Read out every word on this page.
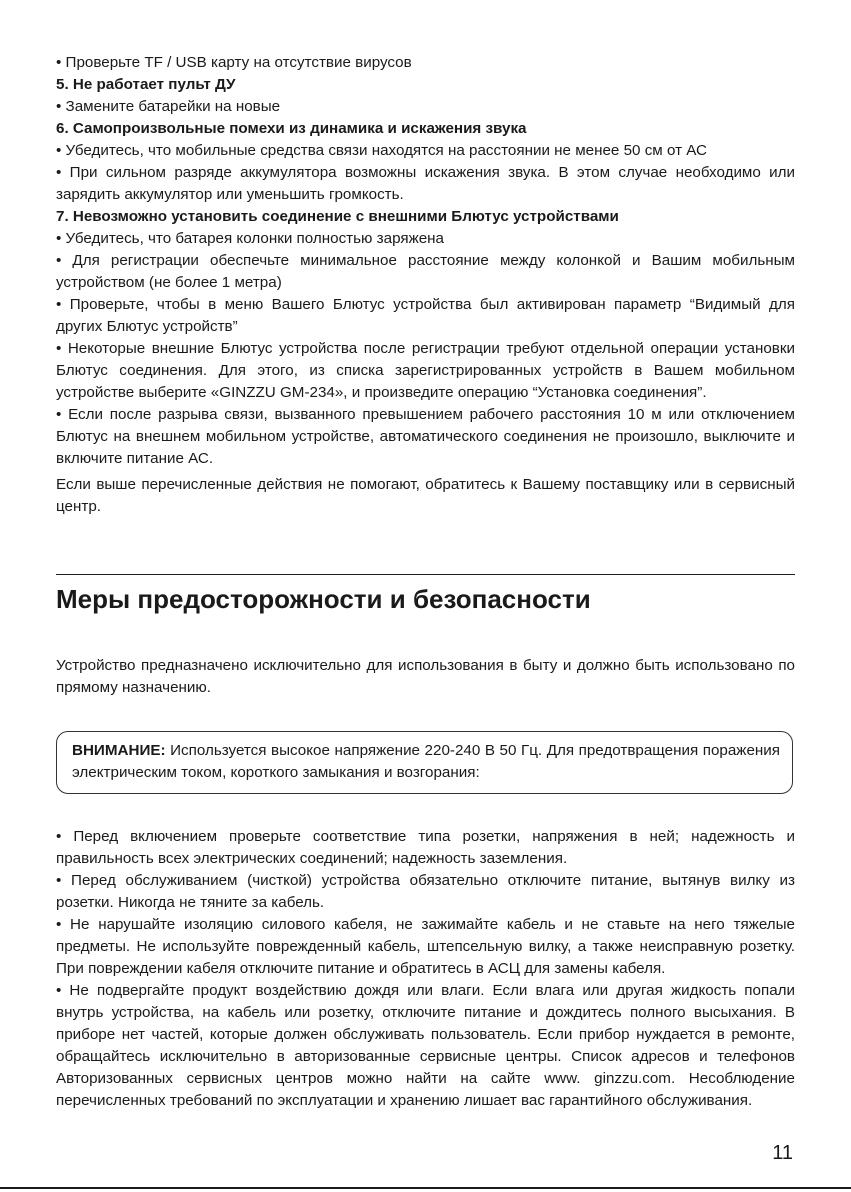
• Проверьте TF / USB карту на отсутствие вирусов

5. Не работает пульт ДУ

• Замените батарейки на новые

6. Самопроизвольные помехи из динамика и искажения звука

• Убедитесь, что мобильные средства связи находятся на расстоянии не менее 50 см от АС

• При сильном разряде аккумулятора возможны искажения звука. В этом случае необходимо или зарядить аккумулятор или уменьшить громкость.

7. Невозможно установить соединение с внешними Блютус устройствами

• Убедитесь, что батарея колонки полностью заряжена

• Для регистрации обеспечьте минимальное расстояние между колонкой и Вашим мобильным устройством (не более 1 метра)

• Проверьте, чтобы в меню Вашего Блютус устройства был активирован параметр “Видимый для других Блютус устройств”

• Некоторые внешние Блютус устройства после регистрации требуют отдельной операции установки Блютус соединения. Для этого, из списка зарегистрированных устройств в Вашем мобильном устройстве выберите «GINZZU GM-234», и произведите операцию “Установка соединения”.

• Если после разрыва связи, вызванного превышением рабочего расстояния 10 м или отключением Блютус на внешнем мобильном устройстве, автоматического соединения не произошло, выключите и включите питание АС.

Если выше перечисленные действия не помогают, обратитесь к Вашему поставщику или в сервисный центр.

Меры предосторожности и безопасности

Устройство предназначено исключительно для использования в быту и должно быть использовано по прямому назначению.

ВНИМАНИЕ: Используется высокое напряжение 220-240 В 50 Гц. Для предотвращения поражения электрическим током, короткого замыкания и возгорания:

• Перед включением проверьте соответствие типа розетки, напряжения в ней; надежность и правильность всех электрических соединений; надежность заземления.

• Перед обслуживанием (чисткой) устройства обязательно отключите питание, вытянув вилку из розетки. Никогда не тяните за кабель.

• Не нарушайте изоляцию силового кабеля, не зажимайте кабель и не ставьте на него тяжелые предметы. Не используйте поврежденный кабель, штепсельную вилку, а также неисправную розетку. При повреждении кабеля отключите питание и обратитесь в АСЦ для замены кабеля.

• Не подвергайте продукт воздействию дождя или влаги. Если влага или другая жидкость попали внутрь устройства, на кабель или розетку, отключите питание и дождитесь полного высыхания. В приборе нет частей, которые должен обслуживать пользователь. Если прибор нуждается в ремонте, обращайтесь исключительно в авторизованные сервисные центры. Список адресов и телефонов Авторизованных сервисных центров можно найти на сайте www. ginzzu.com. Несоблюдение перечисленных требований по эксплуатации и хранению лишает вас гарантийного обслуживания.

11
